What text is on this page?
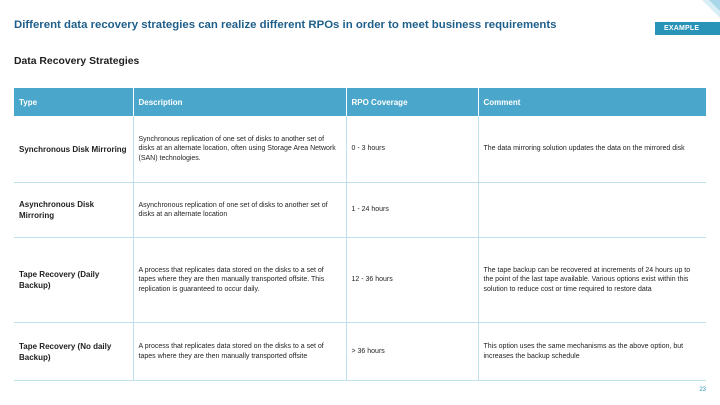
Different data recovery strategies can realize different RPOs in order to meet business requirements	EXAMPLE
Data Recovery Strategies
Type	Description	RPO Coverage	Comment
Synchronous Disk Mirroring	Synchronous replication of one set of disks to another set of disks at an alternate location, often using Storage Area Network (SAN) technologies.	0 - 3 hours	The data mirroring solution updates the data on the mirrored disk
Asynchronous Disk Mirroring	Asynchronous replication of one set of disks to another set of disks at an alternate location	1 - 24 hours	
Tape Recovery (Daily Backup)	A process that replicates data stored on the disks to a set of tapes where they are then manually transported offsite. This replication is guaranteed to occur daily.	12 - 36 hours	The tape backup can be recovered at increments of 24 hours up to the point of the last tape available. Various options exist within this solution to reduce cost or time required to restore data
Tape Recovery (No daily Backup)	A process that replicates data stored on the disks to a set of tapes where they are then manually transported offsite	> 36 hours	This option uses the same mechanisms as the above option, but increases the backup schedule
23
